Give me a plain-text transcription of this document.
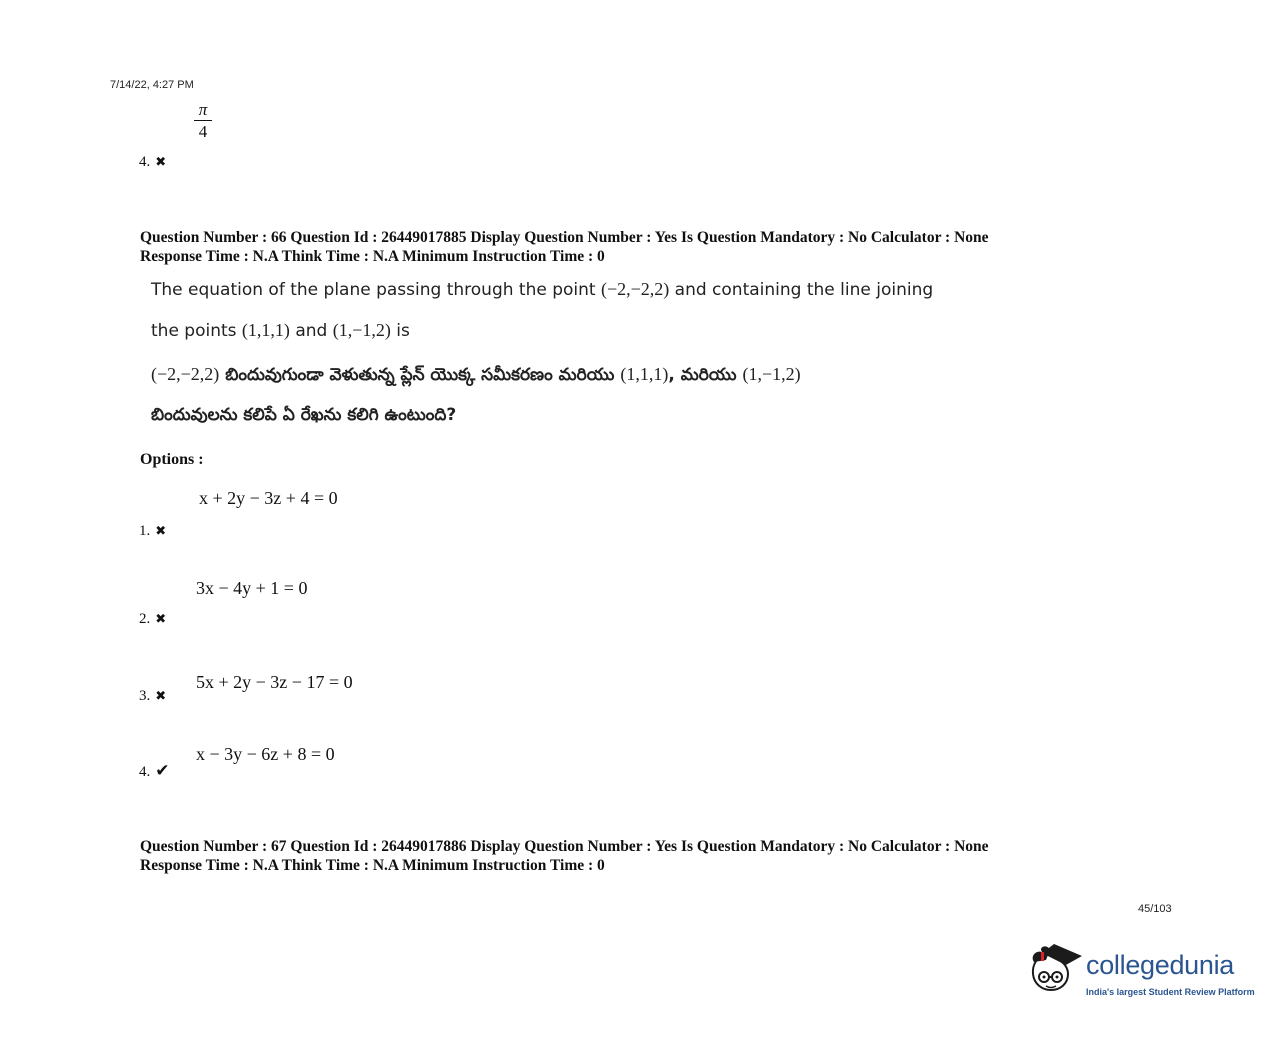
7/14/22, 4:27 PM
π
4
4. ✖
Question Number : 66 Question Id : 26449017885 Display Question Number : Yes Is Question Mandatory : No Calculator : None
Response Time : N.A Think Time : N.A Minimum Instruction Time : 0
The equation of the plane passing through the point (−2,−2,2) and containing the line joining
the points (1,1,1) and (1,−1,2) is
(−2,−2,2) బిందువుగుండా వెళుతున్న ప్లేన్ యొక్క సమీకరణం మరియు (1,1,1), మరియు (1,−1,2)
బిందువులను కలిపే ఏ రేఖను కలిగి ఉంటుంది?
Options :
x + 2y − 3z + 4 = 0
1. ✖
3x − 4y + 1 = 0
2. ✖
5x + 2y − 3z − 17 = 0
3. ✖
x − 3y − 6z + 8 = 0
4. ✔
Question Number : 67 Question Id : 26449017886 Display Question Number : Yes Is Question Mandatory : No Calculator : None
Response Time : N.A Think Time : N.A Minimum Instruction Time : 0
45/103
collegedunia
India's largest Student Review Platform
